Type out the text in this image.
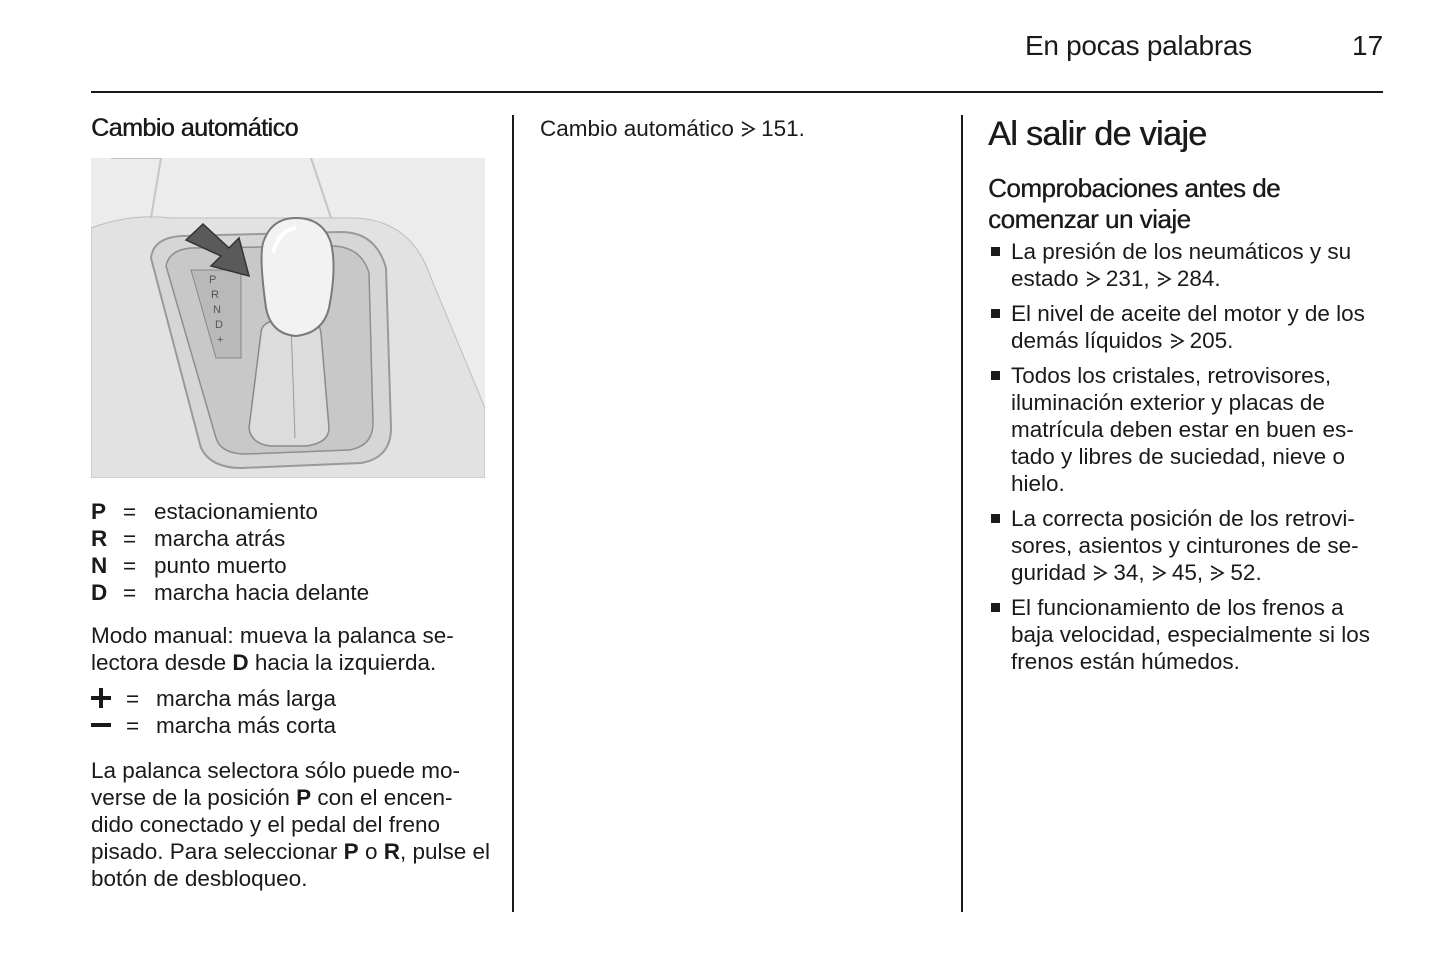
En pocas palabras	17
Cambio automático
P
R
N
D
+
P = estacionamiento
R = marcha atrás
N = punto muerto
D = marcha hacia delante

Modo manual: mueva la palanca se-lectora desde D hacia la izquierda.

= marcha más larga
= marcha más corta

La palanca selectora sólo puede mo-verse de la posición P con el encen-dido conectado y el pedal del freno pisado. Para seleccionar P o R, pulse el botón de desbloqueo.

Cambio automático 151.	Al salir de viaje
Comprobaciones antes de comenzar un viaje
La presión de los neumáticos y su estado 231, 284.
El nivel de aceite del motor y de los demás líquidos 205.
Todos los cristales, retrovisores, iluminación exterior y placas de matrícula deben estar en buen es-tado y libres de suciedad, nieve o hielo.
La correcta posición de los retrovi-sores, asientos y cinturones de se-guridad 34, 45, 52.
El funcionamiento de los frenos a baja velocidad, especialmente si los frenos están húmedos.
